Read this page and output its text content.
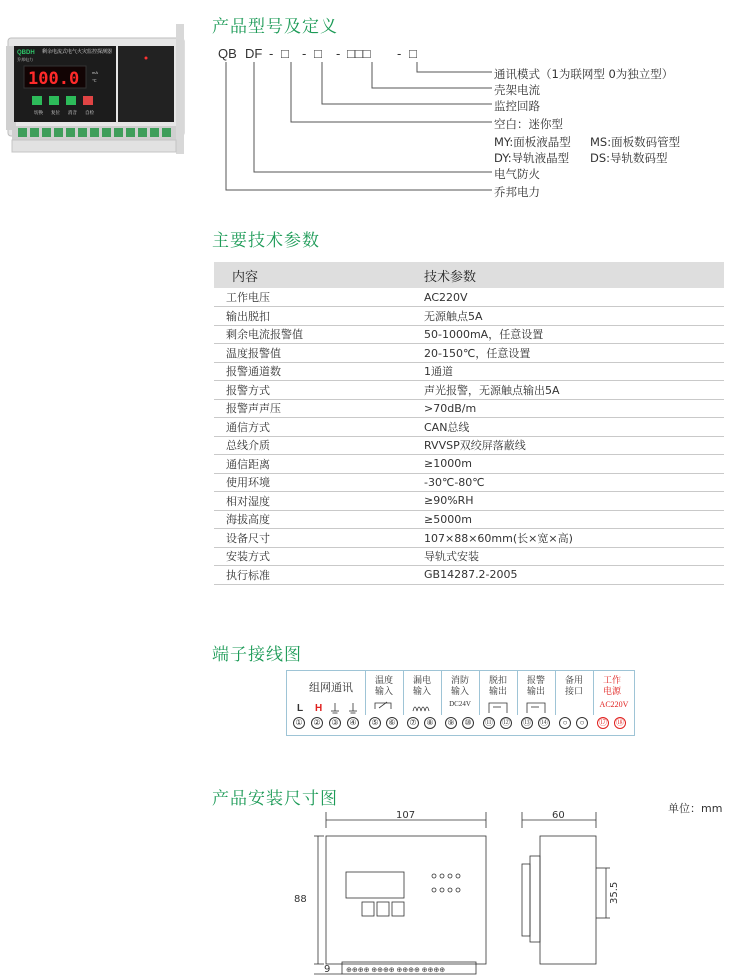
QBDH
乔邦电力
剩余电流式电气火灾监控探测器
100.0	mA
℃
切换 复位 消音 自检
产品型号及定义
QB DF - □ - □ - □□□ - □
通讯模式（1为联网型 0为独立型）
壳架电流
监控回路
空白：迷你型
MY:面板液晶型 MS:面板数码管型
DY:导轨液晶型 DS:导轨数码型
电气防火
乔邦电力
主要技术参数
内容	技术参数
工作电压	AC220V
输出脱扣	无源触点5A
剩余电流报警值	50-1000mA，任意设置
温度报警值	20-150℃，任意设置
报警通道数	1通道
报警方式	声光报警，无源触点输出5A
报警声声压	>70dB/m
通信方式	CAN总线
总线介质	RVVSP双绞屏落蔽线
通信距离	≥1000m
使用环境	-30℃-80℃
相对湿度	≥90%RH
海拔高度	≥5000m
设备尺寸	107×88×60mm(长×宽×高)
安装方式	导轨式安装
执行标准	GB14287.2-2005
端子接线图
组网通讯
温度输入
漏电输入
消防输入
DC24V
脱扣输出
报警输出
备用接口
工作电源
AC220V
L H
①	②	③	④	⑤	⑥	⑦	⑧	⑨	⑩	⑪ ⑫ ⑬ ⑭	○	○	⑰ ⑱
产品安装尺寸图	单位：mm
⊕⊕⊕⊕ ⊕⊕⊕⊕ ⊕⊕⊕⊕ ⊕⊕⊕⊕
107
88
9
60
35.5
